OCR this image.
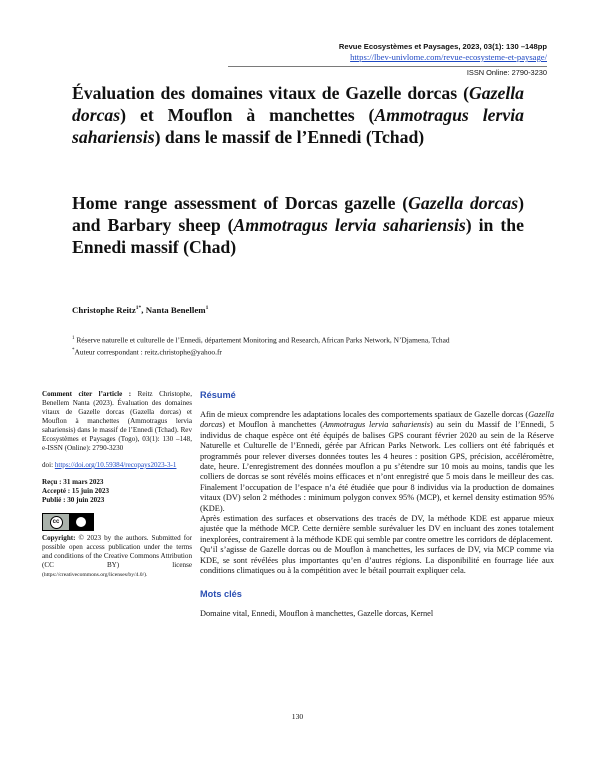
Revue Ecosystèmes et Paysages, 2023, 03(1): 130 –148pp
https://lbev-univlome.com/revue-ecosysteme-et-paysage/
ISSN Online: 2790-3230
Évaluation des domaines vitaux de Gazelle dorcas (Gazella dorcas) et Mouflon à manchettes (Ammotragus lervia sahariensis) dans le massif de l’Ennedi (Tchad)
Home range assessment of Dorcas gazelle (Gazella dorcas) and Barbary sheep (Ammotragus lervia sahariensis) in the Ennedi massif (Chad)
Christophe Reitz$^{1*}$, Nanta Benellem$^1$
$^1$ Réserve naturelle et culturelle de l’Ennedi, département Monitoring and Research, African Parks Network, N’Djamena, Tchad
*Auteur correspondant : reitz.christophe@yahoo.fr
Comment citer l’article : Reitz Christophe, Benellem Nanta (2023). Évaluation des domaines vitaux de Gazelle dorcas (Gazella dorcas) et Mouflon à manchettes (Ammotragus lervia sahariensis) dans le massif de l’Ennedi (Tchad). Rev Ecosystèmes et Paysages (Togo), 03(1): 130 –148, e-ISSN (Online): 2790-3230
doi: https://doi.org/10.59384/recopays2023-3-1
Reçu : 31 mars 2023
Accepté : 15 juin 2023
Publié : 30 juin 2023
cc
Copyright: © 2023 by the authors. Submitted for possible open access publication under the terms and conditions of the Creative Commons Attribution (CC BY) license (https://creativecommons.org/licenses/by/4.0/).
Résumé

Afin de mieux comprendre les adaptations locales des comportements spatiaux de Gazelle dorcas (Gazella dorcas) et Mouflon à manchettes (Ammotragus lervia sahariensis) au sein du Massif de l’Ennedi, 5 individus de chaque espèce ont été équipés de balises GPS courant février 2020 au sein de la Réserve Naturelle et Culturelle de l’Ennedi, gérée par African Parks Network. Les colliers ont été fabriqués et programmés pour relever diverses données toutes les 4 heures : position GPS, précision, accéléromètre, date, heure. L’enregistrement des données mouflon a pu s’étendre sur 10 mois au moins, tandis que les colliers de dorcas se sont révélés moins efficaces et n’ont enregistré que 5 mois dans le meilleur des cas. Finalement l’occupation de l’espace n’a été étudiée que pour 8 individus via la production de domaines vitaux (DV) selon 2 méthodes : minimum polygon convex 95% (MCP), et kernel density estimation 95% (KDE).

Après estimation des surfaces et observations des tracés de DV, la méthode KDE est apparue mieux ajustée que la méthode MCP. Cette dernière semble surévaluer les DV en incluant des zones totalement inexplorées, contrairement à la méthode KDE qui semble par contre omettre les corridors de déplacement.

Qu’il s’agisse de Gazelle dorcas ou de Mouflon à manchettes, les surfaces de DV, via MCP comme via KDE, se sont révélées plus importantes qu’en d’autres régions. La disponibilité en fourrage liée aux conditions climatiques ou à la compétition avec le bétail pourrait expliquer cela.

Mots clés
Domaine vital, Ennedi, Mouflon à manchettes, Gazelle dorcas, Kernel
130
